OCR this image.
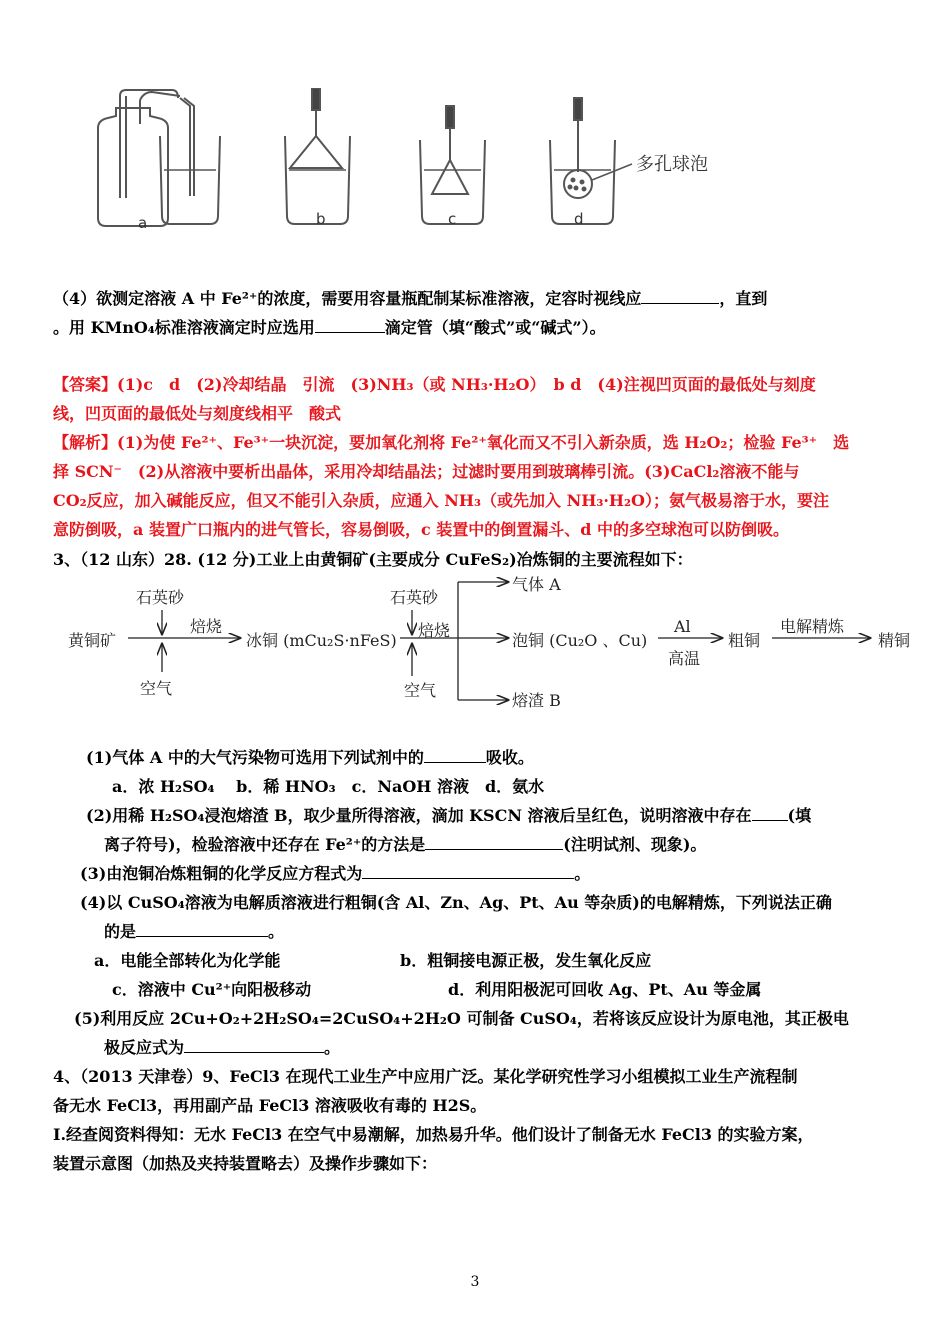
a	b	c	d
多孔球泡
（4）欲测定溶液 A 中 Fe²⁺的浓度，需要用容量瓶配制某标准溶液，定容时视线应	，直到
。用 KMnO₄标准溶液滴定时应选用	滴定管（填“酸式”或“碱式”）。
【答案】(1)c　d　(2)冷却结晶　引流　(3)NH₃（或 NH₃·H₂O）　b d　(4)注视凹页面的最低处与刻度
线，凹页面的最低处与刻度线相平　酸式
【解析】(1)为使 Fe²⁺、Fe³⁺一块沉淀，要加氧化剂将 Fe²⁺氧化而又不引入新杂质，选 H₂O₂；检验 Fe³⁺　选
择 SCN⁻　(2)从溶液中要析出晶体，采用冷却结晶法；过滤时要用到玻璃棒引流。(3)CaCl₂溶液不能与
CO₂反应，加入碱能反应，但又不能引入杂质，应通入 NH₃（或先加入 NH₃·H₂O）；氨气极易溶于水，要注
意防倒吸，a 装置广口瓶内的进气管长，容易倒吸，c 装置中的倒置漏斗、d 中的多空球泡可以防倒吸。
3、（12 山东）28. (12 分)工业上由黄铜矿(主要成分 CuFeS₂)冶炼铜的主要流程如下：
黄铜矿
石英砂
焙烧
空气
冰铜 (mCu₂S·nFeS)
石英砂
焙烧
空气
气体 A
泡铜 (Cu₂O 、Cu)
熔渣 B
Al
高温
粗铜
电解精炼
精铜
(1)气体 A 中的大气污染物可选用下列试剂中的	吸收。
a．浓 H₂SO₄　 b．稀 HNO₃　c．NaOH 溶液　d．氨水
(2)用稀 H₂SO₄浸泡熔渣 B，取少量所得溶液，滴加 KSCN 溶液后呈红色，说明溶液中存在 (填
离子符号)，检验溶液中还存在 Fe²⁺的方法是	(注明试剂、现象)。
(3)由泡铜冶炼粗铜的化学反应方程式为	。
(4)以 CuSO₄溶液为电解质溶液进行粗铜(含 Al、Zn、Ag、Pt、Au 等杂质)的电解精炼，下列说法正确
的是	。
a．电能全部转化为化学能	b．粗铜接电源正极，发生氧化反应
c．溶液中 Cu²⁺向阳极移动	d．利用阳极泥可回收 Ag、Pt、Au 等金属
(5)利用反应 2Cu+O₂+2H₂SO₄=2CuSO₄+2H₂O 可制备 CuSO₄，若将该反应设计为原电池，其正极电
极反应式为	。
4、（2013 天津卷）9、FeCl3 在现代工业生产中应用广泛。某化学研究性学习小组模拟工业生产流程制
备无水 FeCl3，再用副产品 FeCl3 溶液吸收有毒的 H2S。
I.经查阅资料得知：无水 FeCl3 在空气中易潮解，加热易升华。他们设计了制备无水 FeCl3 的实验方案，
装置示意图（加热及夹持装置略去）及操作步骤如下：
3
